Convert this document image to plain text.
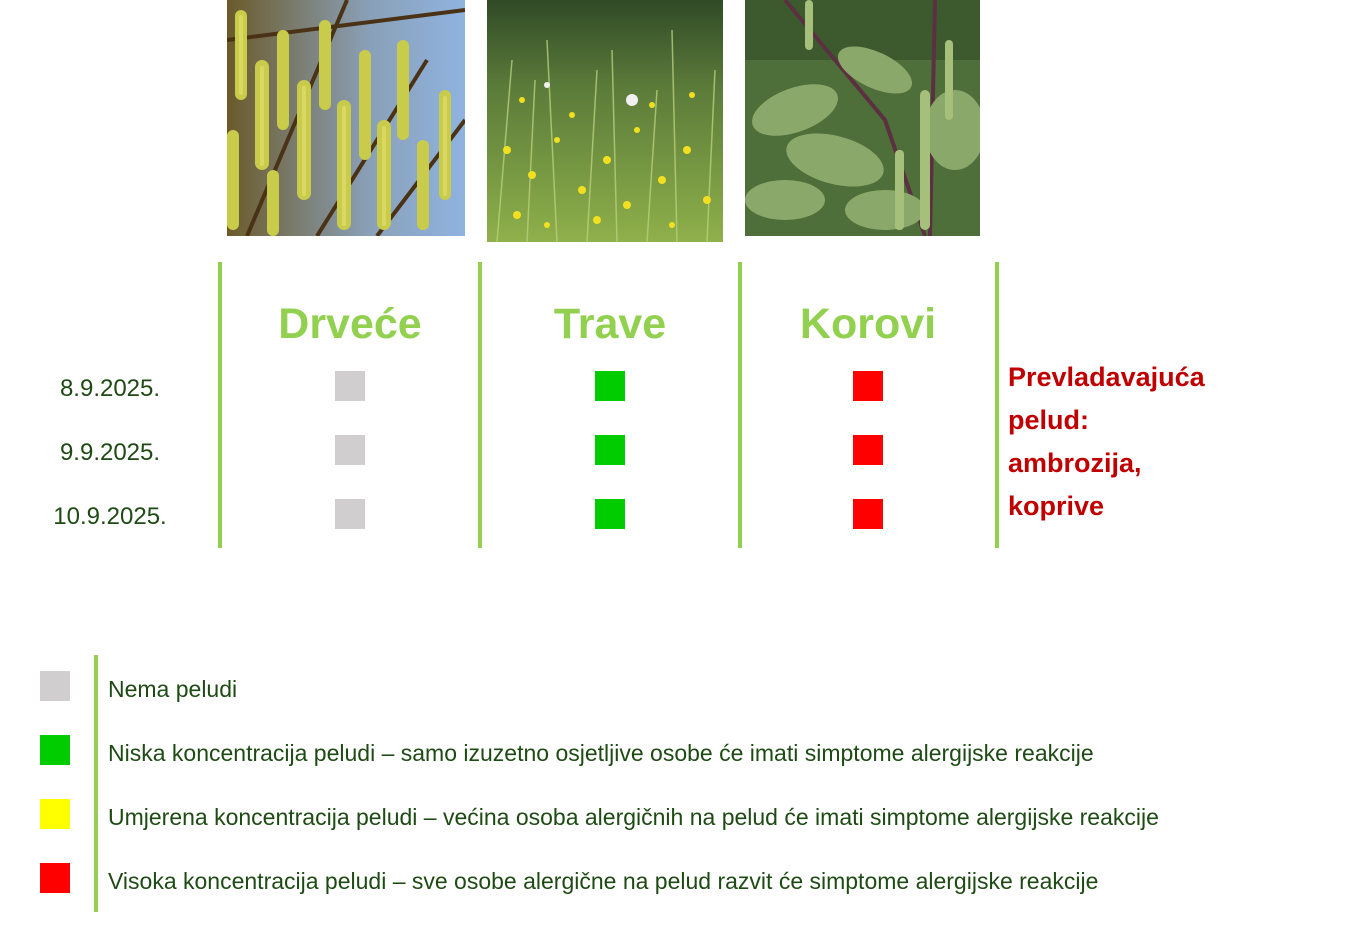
Drveće	Trave	Korovi
8.9.2025.
9.9.2025.
10.9.2025.
Prevladavajuća
pelud:
ambrozija,
koprive
Nema peludi
Niska koncentracija peludi – samo izuzetno osjetljive osobe će imati simptome alergijske reakcije
Umjerena koncentracija peludi – većina osoba alergičnih na pelud će imati simptome alergijske reakcije
Visoka koncentracija peludi – sve osobe alergične na pelud razvit će simptome alergijske reakcije
